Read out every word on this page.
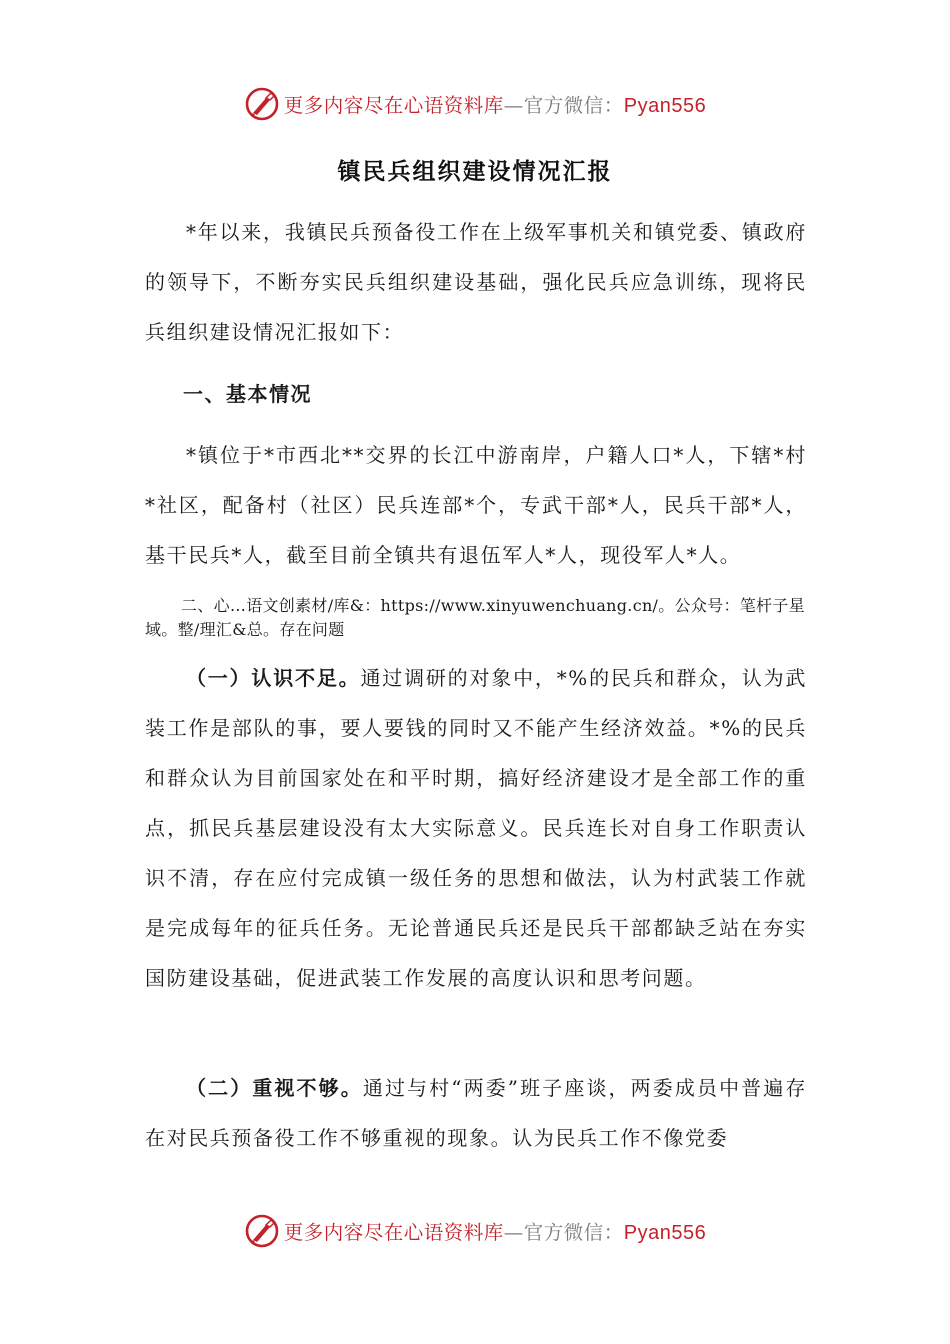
更多内容尽在心语资料库—官方微信：Pyan556
镇民兵组织建设情况汇报

*年以来，我镇民兵预备役工作在上级军事机关和镇党委、镇政府的领导下，不断夯实民兵组织建设基础，强化民兵应急训练，现将民兵组织建设情况汇报如下：

一、基本情况

*镇位于*市西北**交界的长江中游南岸，户籍人口*人，下辖*村*社区，配备村（社区）民兵连部*个，专武干部*人，民兵干部*人，基干民兵*人，截至目前全镇共有退伍军人*人，现役军人*人。

二、心…语文创素材/库&：https://www.xinyuwenchuang.cn/。公众号：笔杆子星域。整/理汇&总。存在问题

（一）认识不足。通过调研的对象中，*%的民兵和群众，认为武装工作是部队的事，要人要钱的同时又不能产生经济效益。*%的民兵和群众认为目前国家处在和平时期，搞好经济建设才是全部工作的重点，抓民兵基层建设没有太大实际意义。民兵连长对自身工作职责认识不清，存在应付完成镇一级任务的思想和做法，认为村武装工作就是完成每年的征兵任务。无论普通民兵还是民兵干部都缺乏站在夯实国防建设基础，促进武装工作发展的高度认识和思考问题。

（二）重视不够。通过与村“两委”班子座谈，两委成员中普遍存在对民兵预备役工作不够重视的现象。认为民兵工作不像党委

更多内容尽在心语资料库—官方微信：Pyan556
